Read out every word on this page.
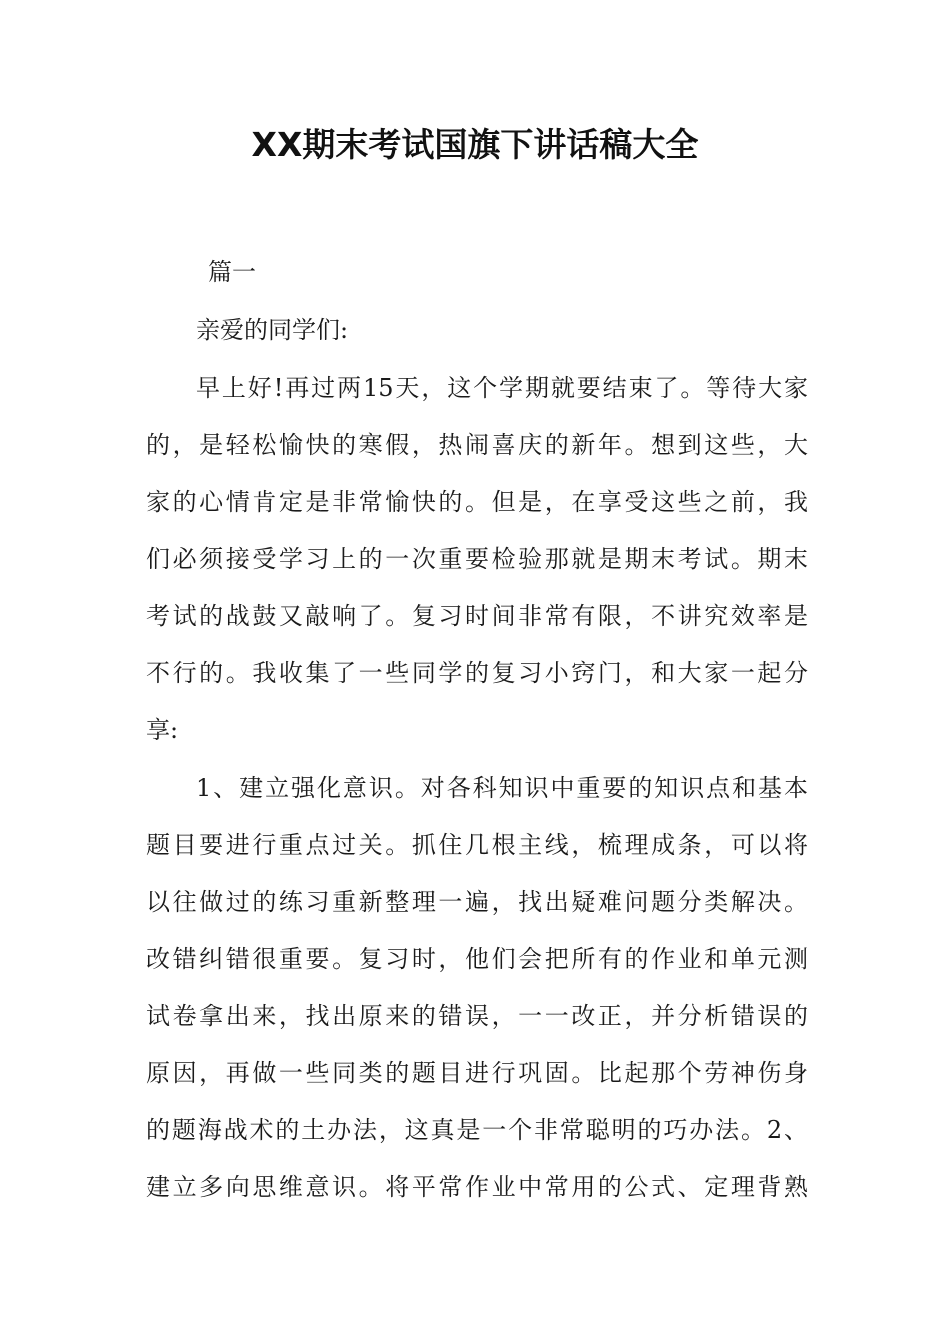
XX期末考试国旗下讲话稿大全
篇一
亲爱的同学们:
早上好!再过两15天，这个学期就要结束了。等待大家
的，是轻松愉快的寒假，热闹喜庆的新年。想到这些，大
家的心情肯定是非常愉快的。但是，在享受这些之前，我
们必须接受学习上的一次重要检验那就是期末考试。期末
考试的战鼓又敲响了。复习时间非常有限，不讲究效率是
不行的。我收集了一些同学的复习小窍门，和大家一起分
享:
1、建立强化意识。对各科知识中重要的知识点和基本
题目要进行重点过关。抓住几根主线，梳理成条，可以将
以往做过的练习重新整理一遍，找出疑难问题分类解决。
改错纠错很重要。复习时，他们会把所有的作业和单元测
试卷拿出来，找出原来的错误，一一改正，并分析错误的
原因，再做一些同类的题目进行巩固。比起那个劳神伤身
的题海战术的土办法，这真是一个非常聪明的巧办法。2、
建立多向思维意识。将平常作业中常用的公式、定理背熟
